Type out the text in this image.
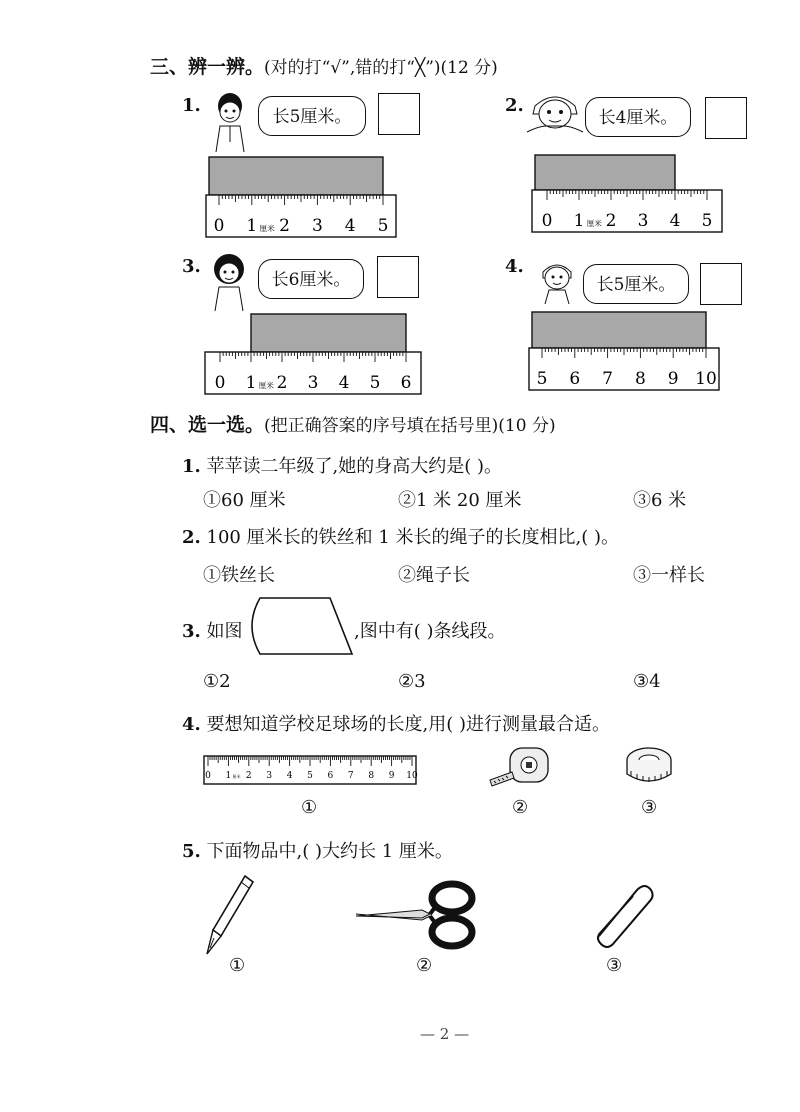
三、辨一辨。(对的打“√”,错的打“╳”)(12 分)
1.
长5厘米。
0 1 厘米 2 3 4 5
2.
长4厘米。
0 1 厘米 2 3 4 5
3.
长6厘米。
0 1 厘米 2 3 4 5 6
4.
长5厘米。
5 6 7 8 9 10
四、选一选。(把正确答案的序号填在括号里)(10 分)
1. 苹苹读二年级了,她的身高大约是( )。
①60 厘米	②1 米 20 厘米	③6 米
2. 100 厘米长的铁丝和 1 米长的绳子的长度相比,( )。
①铁丝长	②绳子长	③一样长
3. 如图	,图中有( )条线段。
①2	②3	③4
4. 要想知道学校足球场的长度,用( )进行测量最合适。
0 1 厘米 2 3 4 5 6 7 8 9 10
①	②	③
5. 下面物品中,( )大约长 1 厘米。
①	②	③
— 2 —
